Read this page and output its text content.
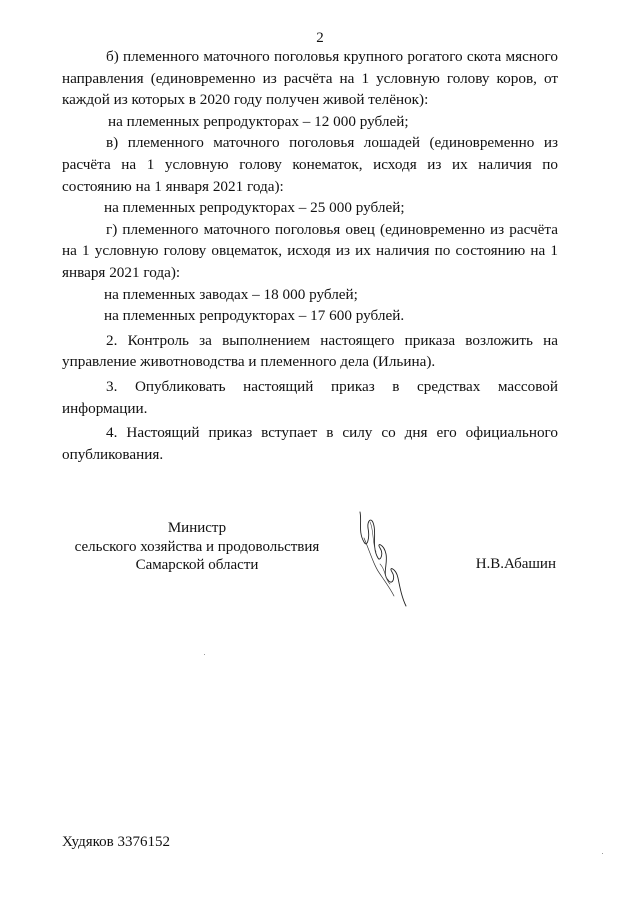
2

б) племенного маточного поголовья крупного рогатого скота мясного направления (единовременно из расчёта на 1 условную голову коров, от каждой из которых в 2020 году получен живой телёнок):

на племенных репродукторах – 12 000 рублей;

в) племенного маточного поголовья лошадей (единовременно из расчёта на 1 условную голову конематок, исходя из их наличия по состоянию на 1 января 2021 года):

на племенных репродукторах – 25 000 рублей;

г) племенного маточного поголовья овец (единовременно из расчёта на 1 условную голову овцематок, исходя из их наличия по состоянию на 1 января 2021 года):

на племенных заводах – 18 000 рублей;

на племенных репродукторах – 17 600 рублей.

2. Контроль за выполнением настоящего приказа возложить на управление животноводства и племенного дела (Ильина).

3. Опубликовать настоящий приказ в средствах массовой информации.

4. Настоящий приказ вступает в силу со дня его официального опубликования.

Министр
сельского хозяйства и продовольствия
Самарской области	Н.В.Абашин
Худяков 3376152
